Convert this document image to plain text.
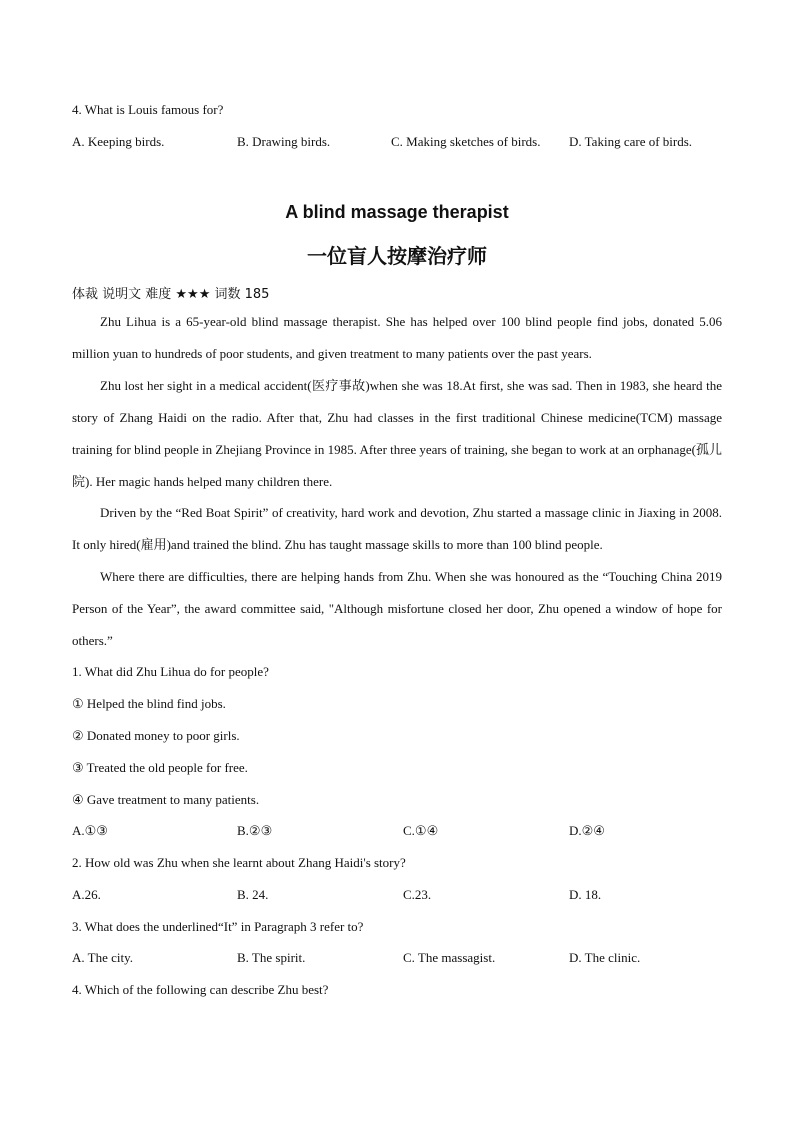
4. What is Louis famous for?
A. Keeping birds.	B. Drawing birds.	C. Making sketches of birds. D. Taking care of birds.
A blind massage therapist
一位盲人按摩治疗师
体裁 说明文 难度 ★★★ 词数 185
Zhu Lihua is a 65-year-old blind massage therapist. She has helped over 100 blind people find jobs, donated 5.06 million yuan to hundreds of poor students, and given treatment to many patients over the past years.
Zhu lost her sight in a medical accident(医疗事故)when she was 18.At first, she was sad. Then in 1983, she heard the story of Zhang Haidi on the radio. After that, Zhu had classes in the first traditional Chinese medicine(TCM) massage training for blind people in Zhejiang Province in 1985. After three years of training, she began to work at an orphanage(孤儿院). Her magic hands helped many children there.
Driven by the “Red Boat Spirit” of creativity, hard work and devotion, Zhu started a massage clinic in Jiaxing in 2008. It only hired(雇用)and trained the blind. Zhu has taught massage skills to more than 100 blind people.
Where there are difficulties, there are helping hands from Zhu. When she was honoured as the “Touching China 2019 Person of the Year”, the award committee said, "Although misfortune closed her door, Zhu opened a window of hope for others.”
1. What did Zhu Lihua do for people?
① Helped the blind find jobs.
② Donated money to poor girls.
③ Treated the old people for free.
④ Gave treatment to many patients.
A.①③	B.②③	C.①④	D.②④
2. How old was Zhu when she learnt about Zhang Haidi's story?
A.26.	B. 24.	C.23.	D. 18.
3. What does the underlined“It” in Paragraph 3 refer to?
A. The city.	B. The spirit.	C. The massagist.	D. The clinic.
4. Which of the following can describe Zhu best?
